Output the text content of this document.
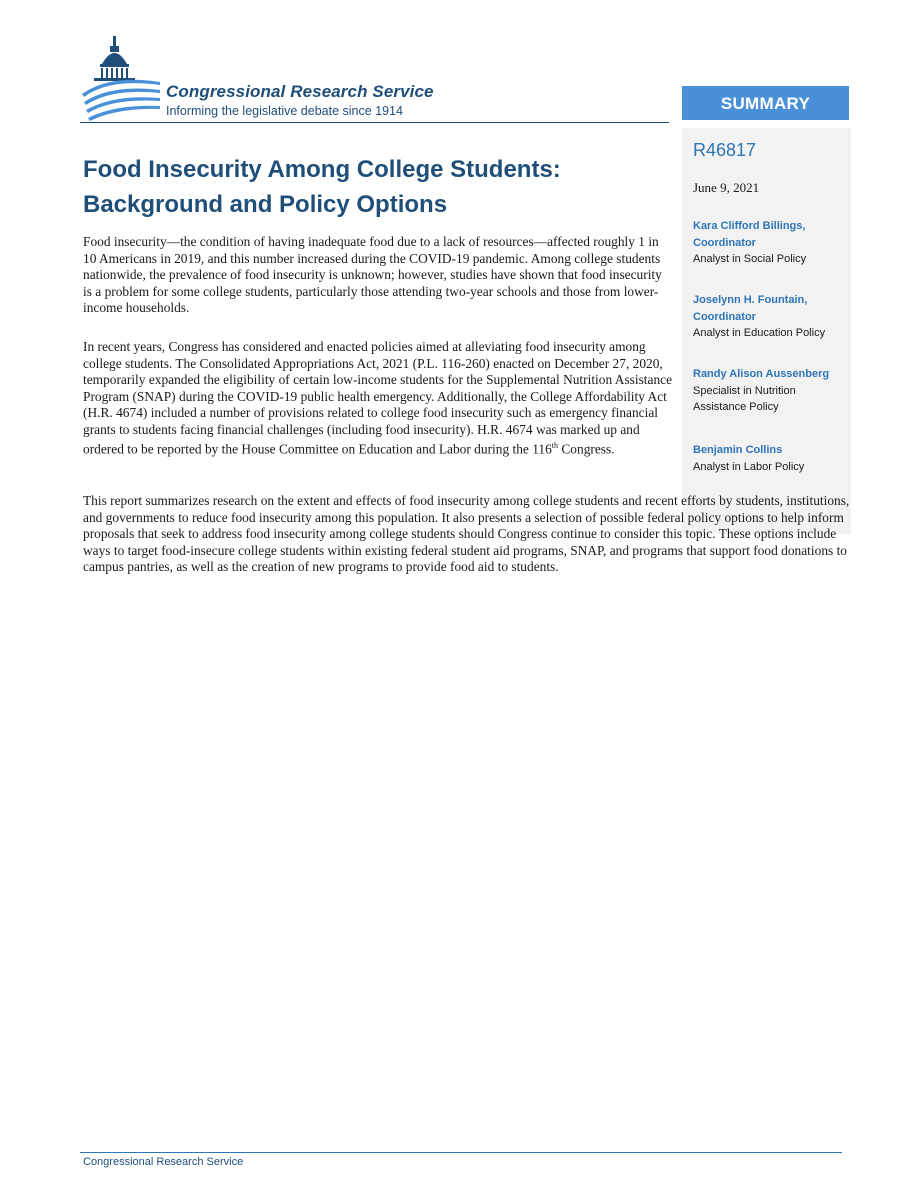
Congressional Research Service
Informing the legislative debate since 1914	SUMMARY
R46817
June 9, 2021
Kara Clifford Billings, Coordinator
Analyst in Social Policy
Joselynn H. Fountain, Coordinator
Analyst in Education Policy
Randy Alison Aussenberg
Specialist in Nutrition Assistance Policy
Benjamin Collins
Analyst in Labor Policy
Food Insecurity Among College Students: Background and Policy Options

Food insecurity—the condition of having inadequate food due to a lack of resources—affected roughly 1 in 10 Americans in 2019, and this number increased during the COVID-19 pandemic. Among college students nationwide, the prevalence of food insecurity is unknown; however, studies have shown that food insecurity is a problem for some college students, particularly those attending two-year schools and those from lower-income households.

In recent years, Congress has considered and enacted policies aimed at alleviating food insecurity among college students. The Consolidated Appropriations Act, 2021 (P.L. 116-260) enacted on December 27, 2020, temporarily expanded the eligibility of certain low-income students for the Supplemental Nutrition Assistance Program (SNAP) during the COVID-19 public health emergency. Additionally, the College Affordability Act (H.R. 4674) included a number of provisions related to college food insecurity such as emergency financial grants to students facing financial challenges (including food insecurity). H.R. 4674 was marked up and ordered to be reported by the House Committee on Education and Labor during the 116th Congress.

This report summarizes research on the extent and effects of food insecurity among college students and recent efforts by students, institutions, and governments to reduce food insecurity among this population. It also presents a selection of possible federal policy options to help inform proposals that seek to address food insecurity among college students should Congress continue to consider this topic. These options include ways to target food-insecure college students within existing federal student aid programs, SNAP, and programs that support food donations to campus pantries, as well as the creation of new programs to provide food aid to students.

Congressional Research Service
